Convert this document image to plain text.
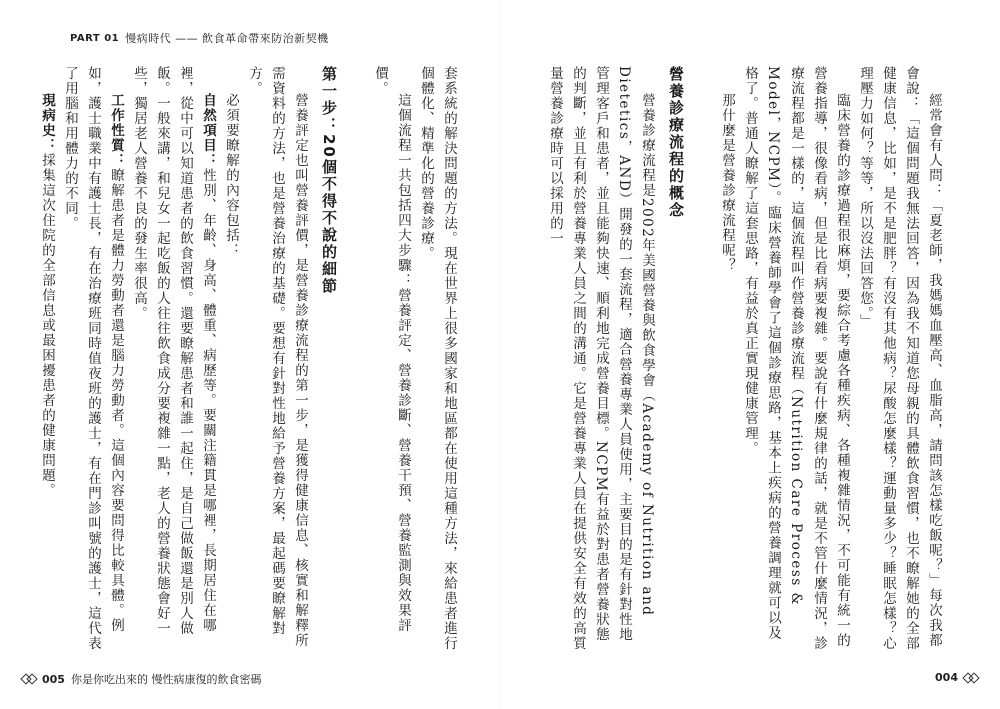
PART 01 慢病時代 —— 飲食革命帶來防治新契機

經常會有人問：「夏老師，我媽媽血壓高、血脂高，請問該怎樣吃飯呢？」每次我都會說：「這個問題我無法回答，因為我不知道您母親的具體飲食習慣，也不瞭解她的全部健康信息，比如，是不是肥胖？有沒有其他病？尿酸怎麼樣？運動量多少？睡眠怎樣？心理壓力如何？等等，所以沒法回答您。」

臨床營養的診療過程很麻煩，要綜合考慮各種疾病、各種複雜情況，不可能有統一的營養指導，很像看病，但是比看病要複雜。要說有什麼規律的話，就是不管什麼情況，診療流程都是一樣的，這個流程叫作營養診療流程（Nutrition Care Process & Model，NCPM）。臨床營養師學會了這個診療思路，基本上疾病的營養調理就可以及格了。普通人瞭解了這套思路，有益於真正實現健康管理。

那什麼是營養診療流程呢？

營養診療流程的概念

營養診療流程是2002年美國營養與飲食學會（Academy of Nutrition and Dietetics，AND）開發的一套流程，適合營養專業人員使用，主要目的是有針對性地管理客戶和患者，並且能夠快速、順利地完成營養目標。NCPM有益於對患者營養狀態的判斷，並且有利於營養專業人員之間的溝通。它是營養專業人員在提供安全有效的高質量營養診療時可以採用的一

套系統的解決問題的方法。現在世界上很多國家和地區都在使用這種方法，來給患者進行個體化、精準化的營養診療。

這個流程一共包括四大步驟：營養評定、營養診斷、營養干預、營養監測與效果評價。

第一步：20個不得不說的細節

營養評定也叫營養評價，是營養診療流程的第一步，是獲得健康信息、核實和解釋所需資料的方法，也是營養治療的基礎。要想有針對性地給予營養方案，最起碼要瞭解對方。

必須要瞭解的內容包括：

自然項目：性別、年齡、身高、體重、病歷等。要關注籍貫是哪裡，長期居住在哪裡，從中可以知道患者的飲食習慣。還要瞭解患者和誰一起住，是自己做飯還是別人做飯。一般來講，和兒女一起吃飯的人往往飲食成分要複雜一點，老人的營養狀態會好一些，獨居老人營養不良的發生率很高。

工作性質：瞭解患者是體力勞動者還是腦力勞動者。這個內容要問得比較具體。例如，護士職業中有護士長，有在治療班同時值夜班的護士，有在門診叫號的護士，這代表了用腦和用體力的不同。

現病史：採集這次住院的全部信息或最困擾患者的健康問題。

005 你是你吃出來的 慢性病康復的飲食密碼	004
